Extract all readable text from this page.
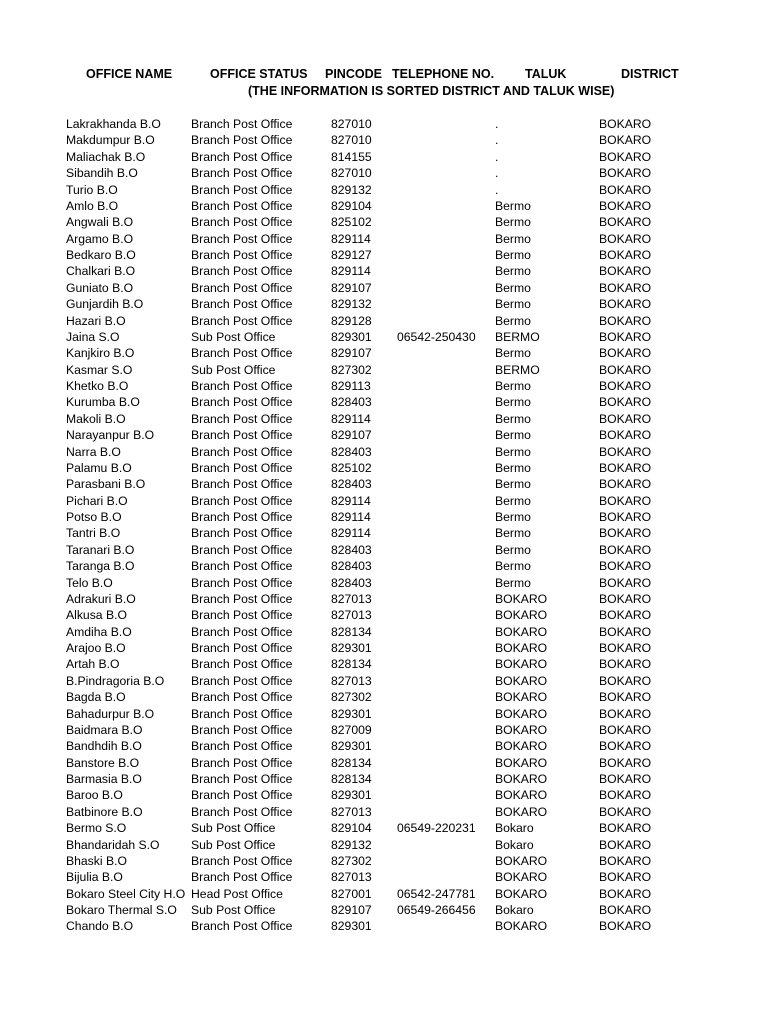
OFFICE NAME	OFFICE STATUS PINCODE TELEPHONE NO. TALUK	DISTRICT
(THE INFORMATION IS SORTED DISTRICT AND TALUK WISE)
Lakrakhanda B.O Branch Post Office	827010	.	BOKARO
Makdumpur B.O	Branch Post Office	827010	.	BOKARO
Maliachak B.O	Branch Post Office	814155	.	BOKARO
Sibandih B.O	Branch Post Office	827010	.	BOKARO
Turio B.O	Branch Post Office	829132	.	BOKARO
Amlo B.O	Branch Post Office	829104	Bermo	BOKARO
Angwali B.O	Branch Post Office	825102	Bermo	BOKARO
Argamo B.O	Branch Post Office	829114	Bermo	BOKARO
Bedkaro B.O	Branch Post Office	829127	Bermo	BOKARO
Chalkari B.O	Branch Post Office	829114	Bermo	BOKARO
Guniato B.O	Branch Post Office	829107	Bermo	BOKARO
Gunjardih B.O	Branch Post Office	829132	Bermo	BOKARO
Hazari B.O	Branch Post Office	829128	Bermo	BOKARO
Jaina S.O	Sub Post Office	829301 06542-250430 BERMO	BOKARO
Kanjkiro B.O	Branch Post Office	829107	Bermo	BOKARO
Kasmar S.O	Sub Post Office	827302	BERMO	BOKARO
Khetko B.O	Branch Post Office	829113	Bermo	BOKARO
Kurumba B.O	Branch Post Office	828403	Bermo	BOKARO
Makoli B.O	Branch Post Office	829114	Bermo	BOKARO
Narayanpur B.O	Branch Post Office	829107	Bermo	BOKARO
Narra B.O	Branch Post Office	828403	Bermo	BOKARO
Palamu B.O	Branch Post Office	825102	Bermo	BOKARO
Parasbani B.O	Branch Post Office	828403	Bermo	BOKARO
Pichari B.O	Branch Post Office	829114	Bermo	BOKARO
Potso B.O	Branch Post Office	829114	Bermo	BOKARO
Tantri B.O	Branch Post Office	829114	Bermo	BOKARO
Taranari B.O	Branch Post Office	828403	Bermo	BOKARO
Taranga B.O	Branch Post Office	828403	Bermo	BOKARO
Telo B.O	Branch Post Office	828403	Bermo	BOKARO
Adrakuri B.O	Branch Post Office	827013	BOKARO	BOKARO
Alkusa B.O	Branch Post Office	827013	BOKARO	BOKARO
Amdiha B.O	Branch Post Office	828134	BOKARO	BOKARO
Arajoo B.O	Branch Post Office	829301	BOKARO	BOKARO
Artah B.O	Branch Post Office	828134	BOKARO	BOKARO
B.Pindragoria B.O Branch Post Office	827013	BOKARO	BOKARO
Bagda B.O	Branch Post Office	827302	BOKARO	BOKARO
Bahadurpur B.O	Branch Post Office	829301	BOKARO	BOKARO
Baidmara B.O	Branch Post Office	827009	BOKARO	BOKARO
Bandhdih B.O	Branch Post Office	829301	BOKARO	BOKARO
Banstore B.O	Branch Post Office	828134	BOKARO	BOKARO
Barmasia B.O	Branch Post Office	828134	BOKARO	BOKARO
Baroo B.O	Branch Post Office	829301	BOKARO	BOKARO
Batbinore B.O	Branch Post Office	827013	BOKARO	BOKARO
Bermo S.O	Sub Post Office	829104 06549-220231 Bokaro	BOKARO
Bhandaridah S.O	Sub Post Office	829132	Bokaro	BOKARO
Bhaski B.O	Branch Post Office	827302	BOKARO	BOKARO
Bijulia B.O	Branch Post Office	827013	BOKARO	BOKARO
Bokaro Steel City H.O Head Post Office	827001 06542-247781 BOKARO	BOKARO
Bokaro Thermal S.O Sub Post Office	829107 06549-266456 Bokaro	BOKARO
Chando B.O	Branch Post Office	829301	BOKARO	BOKARO
